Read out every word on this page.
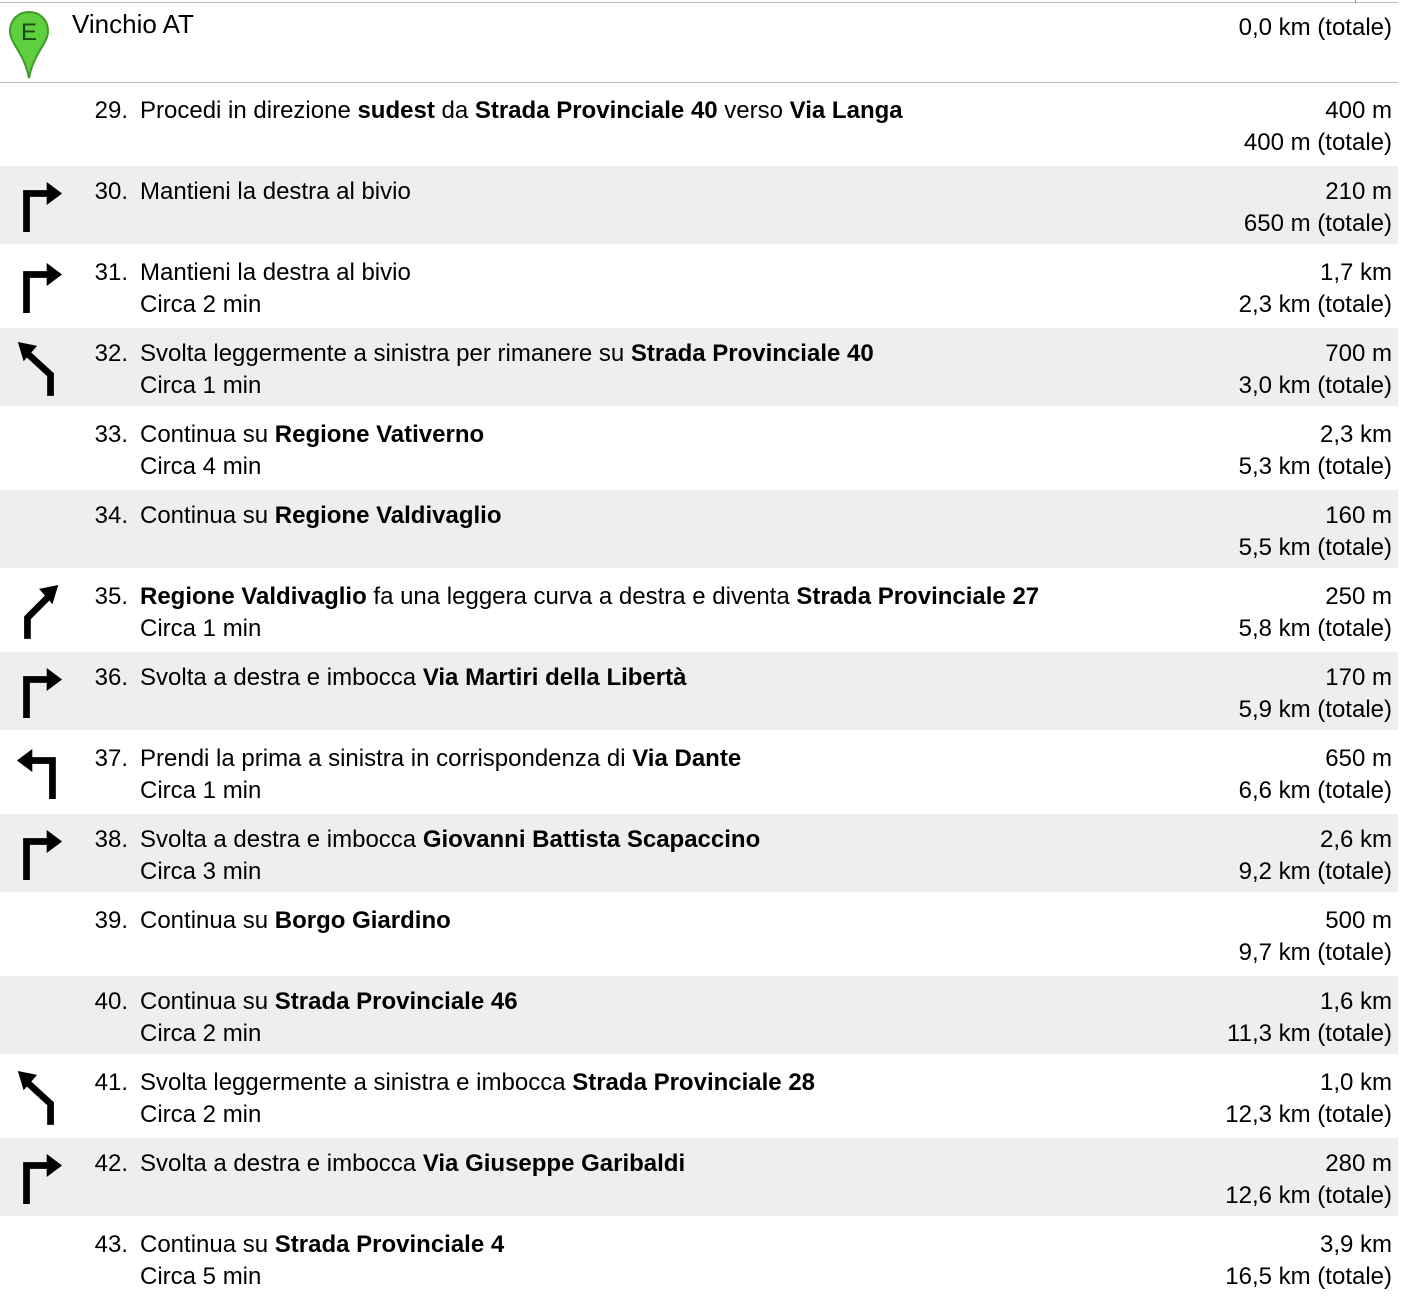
E Vinchio AT	0,0 km (totale)
29. Procedi in direzione sudest da Strada Provinciale 40 verso Via Langa	400 m
400 m (totale)
30. Mantieni la destra al bivio	210 m
650 m (totale)
31. Mantieni la destra al bivio
Circa 2 min
1,7 km
2,3 km (totale)
32. Svolta leggermente a sinistra per rimanere su Strada Provinciale 40
Circa 1 min
700 m
3,0 km (totale)
33. Continua su Regione Vativerno
Circa 4 min
2,3 km
5,3 km (totale)
34. Continua su Regione Valdivaglio	160 m
5,5 km (totale)
35. Regione Valdivaglio fa una leggera curva a destra e diventa Strada Provinciale 27
Circa 1 min
250 m
5,8 km (totale)
36. Svolta a destra e imbocca Via Martiri della Libertà	170 m
5,9 km (totale)
37. Prendi la prima a sinistra in corrispondenza di Via Dante
Circa 1 min
650 m
6,6 km (totale)
38. Svolta a destra e imbocca Giovanni Battista Scapaccino
Circa 3 min
2,6 km
9,2 km (totale)
39. Continua su Borgo Giardino	500 m
9,7 km (totale)
40. Continua su Strada Provinciale 46
Circa 2 min
1,6 km
11,3 km (totale)
41. Svolta leggermente a sinistra e imbocca Strada Provinciale 28
Circa 2 min
1,0 km
12,3 km (totale)
42. Svolta a destra e imbocca Via Giuseppe Garibaldi	280 m
12,6 km (totale)
43. Continua su Strada Provinciale 4
Circa 5 min
3,9 km
16,5 km (totale)
